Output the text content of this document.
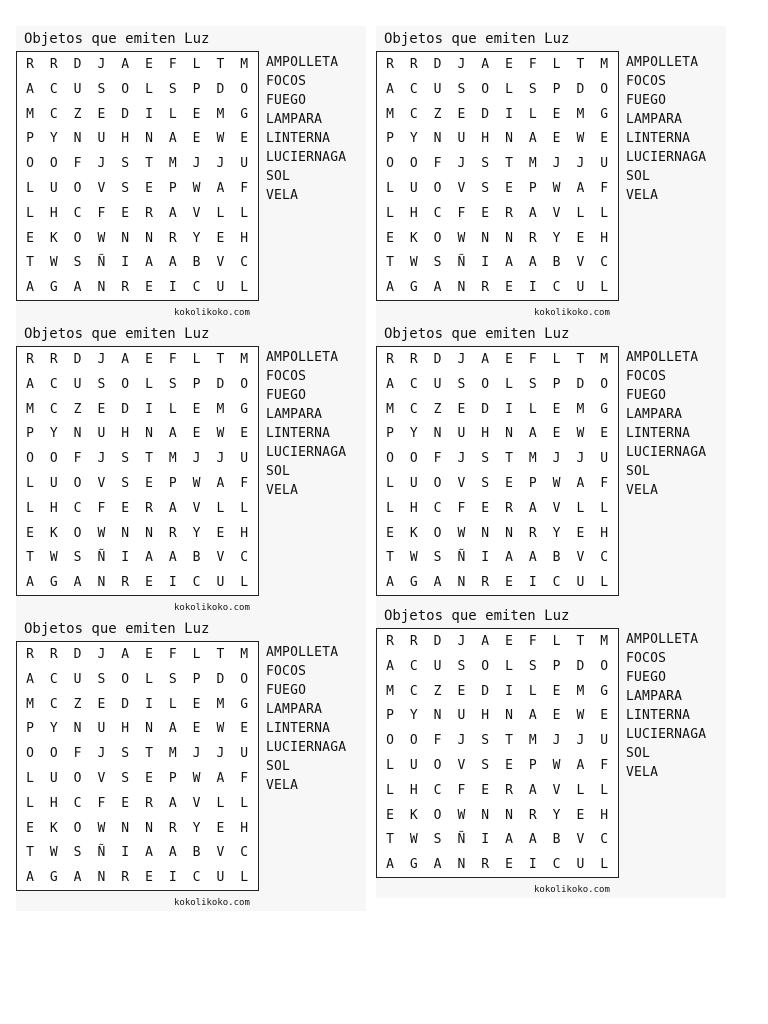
Objetos que emiten Luz
R	R	D	J	A	E	F	L	T	M
A	C	U	S	O	L	S	P	D	O
M	C	Z	E	D	I	L	E	M	G
P	Y	N	U	H	N	A	E	W	E
O	O	F	J	S	T	M	J	J	U
L	U	O	V	S	E	P	W	A	F
L	H	C	F	E	R	A	V	L	L
E	K	O	W	N	N	R	Y	E	H
T	W	S	Ñ	I	A	A	B	V	C
A	G	A	N	R	E	I	C	U	L
AMPOLLETA
FOCOS
FUEGO
LAMPARA
LINTERNA
LUCIERNAGA
SOL
VELA
kokolikoko.com
Objetos que emiten Luz
R	R	D	J	A	E	F	L	T	M
A	C	U	S	O	L	S	P	D	O
M	C	Z	E	D	I	L	E	M	G
P	Y	N	U	H	N	A	E	W	E
O	O	F	J	S	T	M	J	J	U
L	U	O	V	S	E	P	W	A	F
L	H	C	F	E	R	A	V	L	L
E	K	O	W	N	N	R	Y	E	H
T	W	S	Ñ	I	A	A	B	V	C
A	G	A	N	R	E	I	C	U	L
AMPOLLETA
FOCOS
FUEGO
LAMPARA
LINTERNA
LUCIERNAGA
SOL
VELA
kokolikoko.com
Objetos que emiten Luz
R	R	D	J	A	E	F	L	T	M
A	C	U	S	O	L	S	P	D	O
M	C	Z	E	D	I	L	E	M	G
P	Y	N	U	H	N	A	E	W	E
O	O	F	J	S	T	M	J	J	U
L	U	O	V	S	E	P	W	A	F
L	H	C	F	E	R	A	V	L	L
E	K	O	W	N	N	R	Y	E	H
T	W	S	Ñ	I	A	A	B	V	C
A	G	A	N	R	E	I	C	U	L
AMPOLLETA
FOCOS
FUEGO
LAMPARA
LINTERNA
LUCIERNAGA
SOL
VELA
kokolikoko.com
Objetos que emiten Luz
R	R	D	J	A	E	F	L	T	M
A	C	U	S	O	L	S	P	D	O
M	C	Z	E	D	I	L	E	M	G
P	Y	N	U	H	N	A	E	W	E
O	O	F	J	S	T	M	J	J	U
L	U	O	V	S	E	P	W	A	F
L	H	C	F	E	R	A	V	L	L
E	K	O	W	N	N	R	Y	E	H
T	W	S	Ñ	I	A	A	B	V	C
A	G	A	N	R	E	I	C	U	L
AMPOLLETA
FOCOS
FUEGO
LAMPARA
LINTERNA
LUCIERNAGA
SOL
VELA
Objetos que emiten Luz
R	R	D	J	A	E	F	L	T	M
A	C	U	S	O	L	S	P	D	O
M	C	Z	E	D	I	L	E	M	G
P	Y	N	U	H	N	A	E	W	E
O	O	F	J	S	T	M	J	J	U
L	U	O	V	S	E	P	W	A	F
L	H	C	F	E	R	A	V	L	L
E	K	O	W	N	N	R	Y	E	H
T	W	S	Ñ	I	A	A	B	V	C
A	G	A	N	R	E	I	C	U	L
AMPOLLETA
FOCOS
FUEGO
LAMPARA
LINTERNA
LUCIERNAGA
SOL
VELA
kokolikoko.com
Objetos que emiten Luz
R	R	D	J	A	E	F	L	T	M
A	C	U	S	O	L	S	P	D	O
M	C	Z	E	D	I	L	E	M	G
P	Y	N	U	H	N	A	E	W	E
O	O	F	J	S	T	M	J	J	U
L	U	O	V	S	E	P	W	A	F
L	H	C	F	E	R	A	V	L	L
E	K	O	W	N	N	R	Y	E	H
T	W	S	Ñ	I	A	A	B	V	C
A	G	A	N	R	E	I	C	U	L
AMPOLLETA
FOCOS
FUEGO
LAMPARA
LINTERNA
LUCIERNAGA
SOL
VELA
kokolikoko.com
